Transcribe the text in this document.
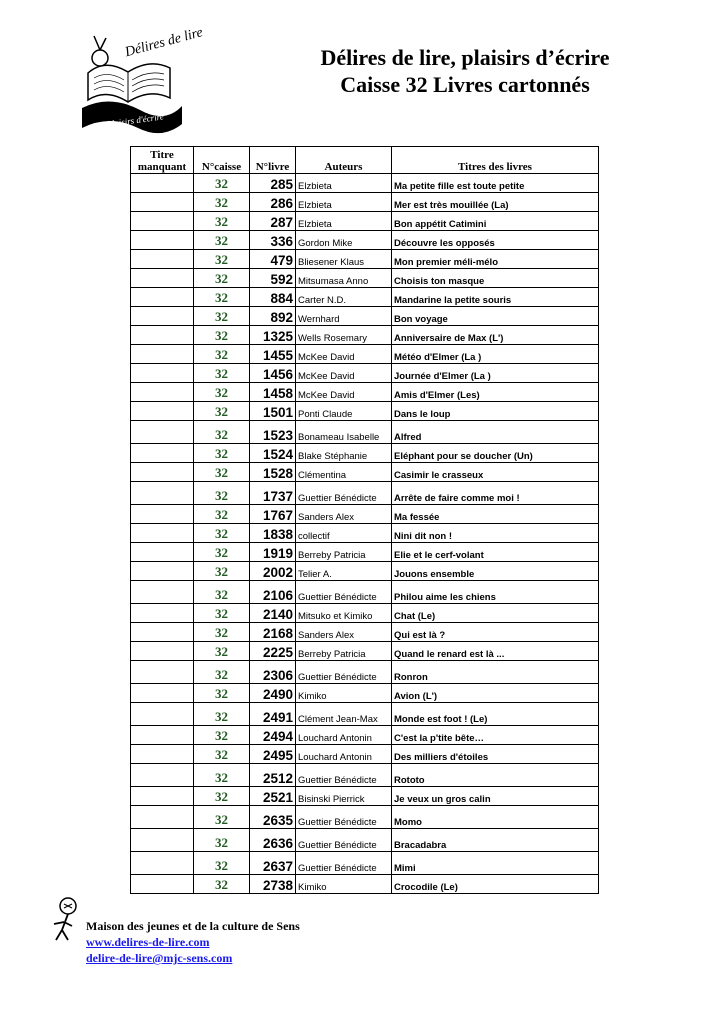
Plaisirs d'écrire
Délires de lire	Délires de lire, plaisirs d’écrire
Caisse 32 Livres cartonnés
Titre
manquant	N°caisse	N°livre	Auteurs	Titres des livres
	32	285	Elzbieta	Ma petite fille est toute petite
	32	286	Elzbieta	Mer est très mouillée (La)
	32	287	Elzbieta	Bon appétit Catimini
	32	336	Gordon Mike	Découvre les opposés
	32	479	Bliesener Klaus	Mon premier méli-mélo
	32	592	Mitsumasa Anno	Choisis ton masque
	32	884	Carter N.D.	Mandarine la petite souris
	32	892	Wernhard	Bon voyage
	32	1325	Wells Rosemary	Anniversaire de Max (L')
	32	1455	McKee David	Météo d'Elmer (La )
	32	1456	McKee David	Journée d'Elmer (La )
	32	1458	McKee David	Amis d'Elmer (Les)
	32	1501	Ponti Claude	Dans le loup
	32	1523	Bonameau Isabelle	Alfred
	32	1524	Blake Stéphanie	Eléphant pour se doucher (Un)
	32	1528	Clémentina	Casimir le crasseux
	32	1737	Guettier Bénédicte	Arrête de faire comme moi !
	32	1767	Sanders Alex	Ma fessée
	32	1838	collectif	Nini dit non !
	32	1919	Berreby Patricia	Elie et le cerf-volant
	32	2002	Telier A.	Jouons ensemble
	32	2106	Guettier Bénédicte	Philou aime les chiens
	32	2140	Mitsuko et Kimiko	Chat (Le)
	32	2168	Sanders Alex	Qui est là ?
	32	2225	Berreby Patricia	Quand le renard est là ...
	32	2306	Guettier Bénédicte	Ronron
	32	2490	Kimiko	Avion (L')
	32	2491	Clément Jean-Max	Monde est foot ! (Le)
	32	2494	Louchard Antonin	C'est la p'tite bête…
	32	2495	Louchard Antonin	Des milliers d'étoiles
	32	2512	Guettier Bénédicte	Rototo
	32	2521	Bisinski Pierrick	Je veux un gros calin
	32	2635	Guettier Bénédicte	Momo
	32	2636	Guettier Bénédicte	Bracadabra
	32	2637	Guettier Bénédicte	Mimi
	32	2738	Kimiko	Crocodile (Le)
Maison des jeunes et de la culture de Sens
www.delires-de-lire.com
delire-de-lire@mjc-sens.com
